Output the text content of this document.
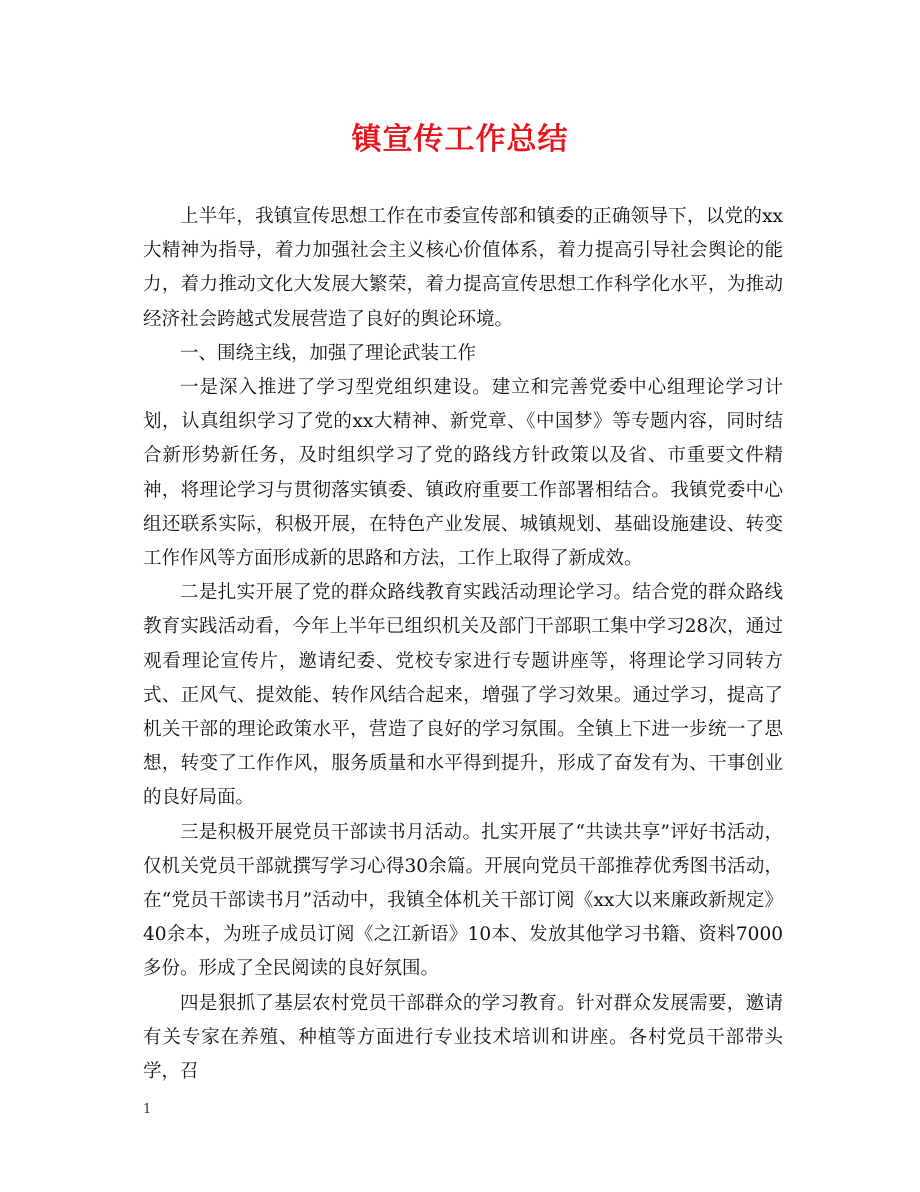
镇宣传工作总结

上半年，我镇宣传思想工作在市委宣传部和镇委的正确领导下，以党的xx大精神为指导，着力加强社会主义核心价值体系，着力提高引导社会舆论的能力，着力推动文化大发展大繁荣，着力提高宣传思想工作科学化水平，为推动经济社会跨越式发展营造了良好的舆论环境。

一、围绕主线，加强了理论武装工作

一是深入推进了学习型党组织建设。建立和完善党委中心组理论学习计划，认真组织学习了党的xx大精神、新党章、《中国梦》等专题内容，同时结合新形势新任务，及时组织学习了党的路线方针政策以及省、市重要文件精神，将理论学习与贯彻落实镇委、镇政府重要工作部署相结合。我镇党委中心组还联系实际，积极开展，在特色产业发展、城镇规划、基础设施建设、转变工作作风等方面形成新的思路和方法，工作上取得了新成效。

二是扎实开展了党的群众路线教育实践活动理论学习。结合党的群众路线教育实践活动看，今年上半年已组织机关及部门干部职工集中学习28次，通过观看理论宣传片，邀请纪委、党校专家进行专题讲座等，将理论学习同转方式、正风气、提效能、转作风结合起来，增强了学习效果。通过学习，提高了机关干部的理论政策水平，营造了良好的学习氛围。全镇上下进一步统一了思想，转变了工作作风，服务质量和水平得到提升，形成了奋发有为、干事创业的良好局面。

三是积极开展党员干部读书月活动。扎实开展了“共读共享”评好书活动，仅机关党员干部就撰写学习心得30余篇。开展向党员干部推荐优秀图书活动，在“党员干部读书月”活动中，我镇全体机关干部订阅《xx大以来廉政新规定》40余本，为班子成员订阅《之江新语》10本、发放其他学习书籍、资料7000多份。形成了全民阅读的良好氛围。

四是狠抓了基层农村党员干部群众的学习教育。针对群众发展需要，邀请有关专家在养殖、种植等方面进行专业技术培训和讲座。各村党员干部带头学，召

1
